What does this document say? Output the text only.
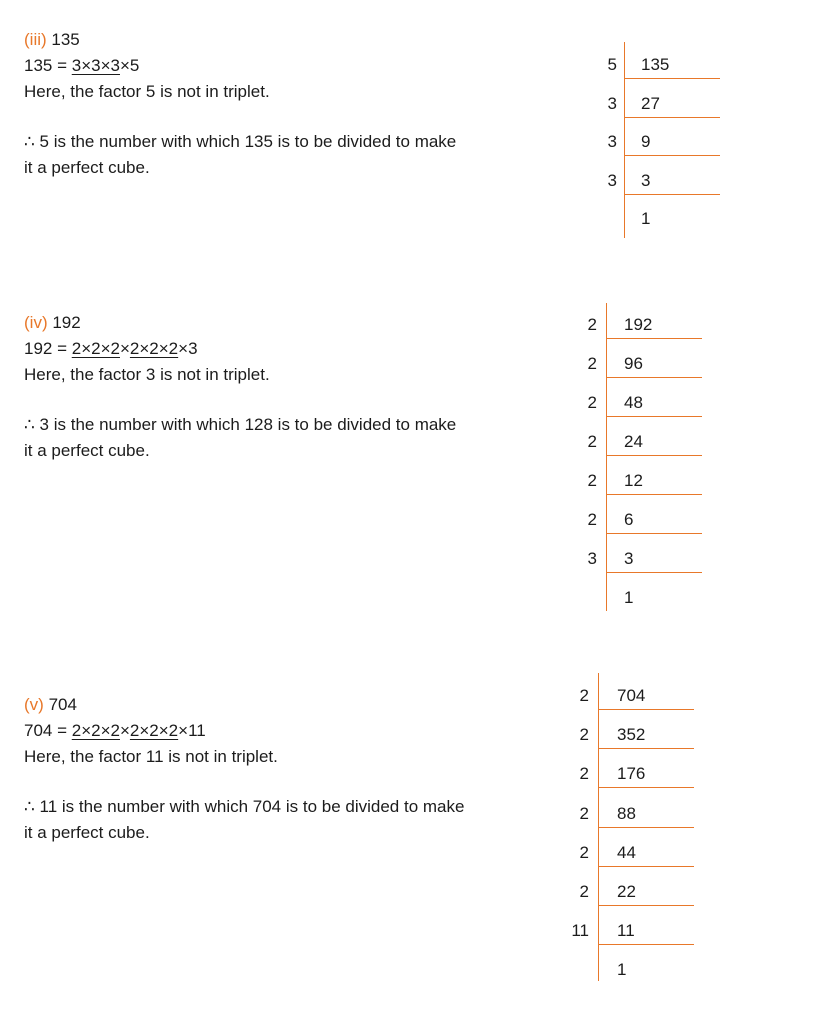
(iii) 135

135 = 3×3×3×5

Here, the factor 5 is not in triplet.

∴ 5 is the number with which 135 is to be divided to make

it a perfect cube.

(iv) 192

192 = 2×2×2×2×2×2×3

Here, the factor 3 is not in triplet.

∴ 3 is the number with which 128 is to be divided to make

it a perfect cube.

(v) 704

704 = 2×2×2×2×2×2×11

Here, the factor 11 is not in triplet.

∴ 11 is the number with which 704 is to be divided to make

it a perfect cube.

5 135
3 27
3 9
3 3
1
2 192
2 96
2 48
2 24
2 12
2 6
3 3
1
2 704
2 352
2 176
2 88
2 44
2 22
11 11
1
